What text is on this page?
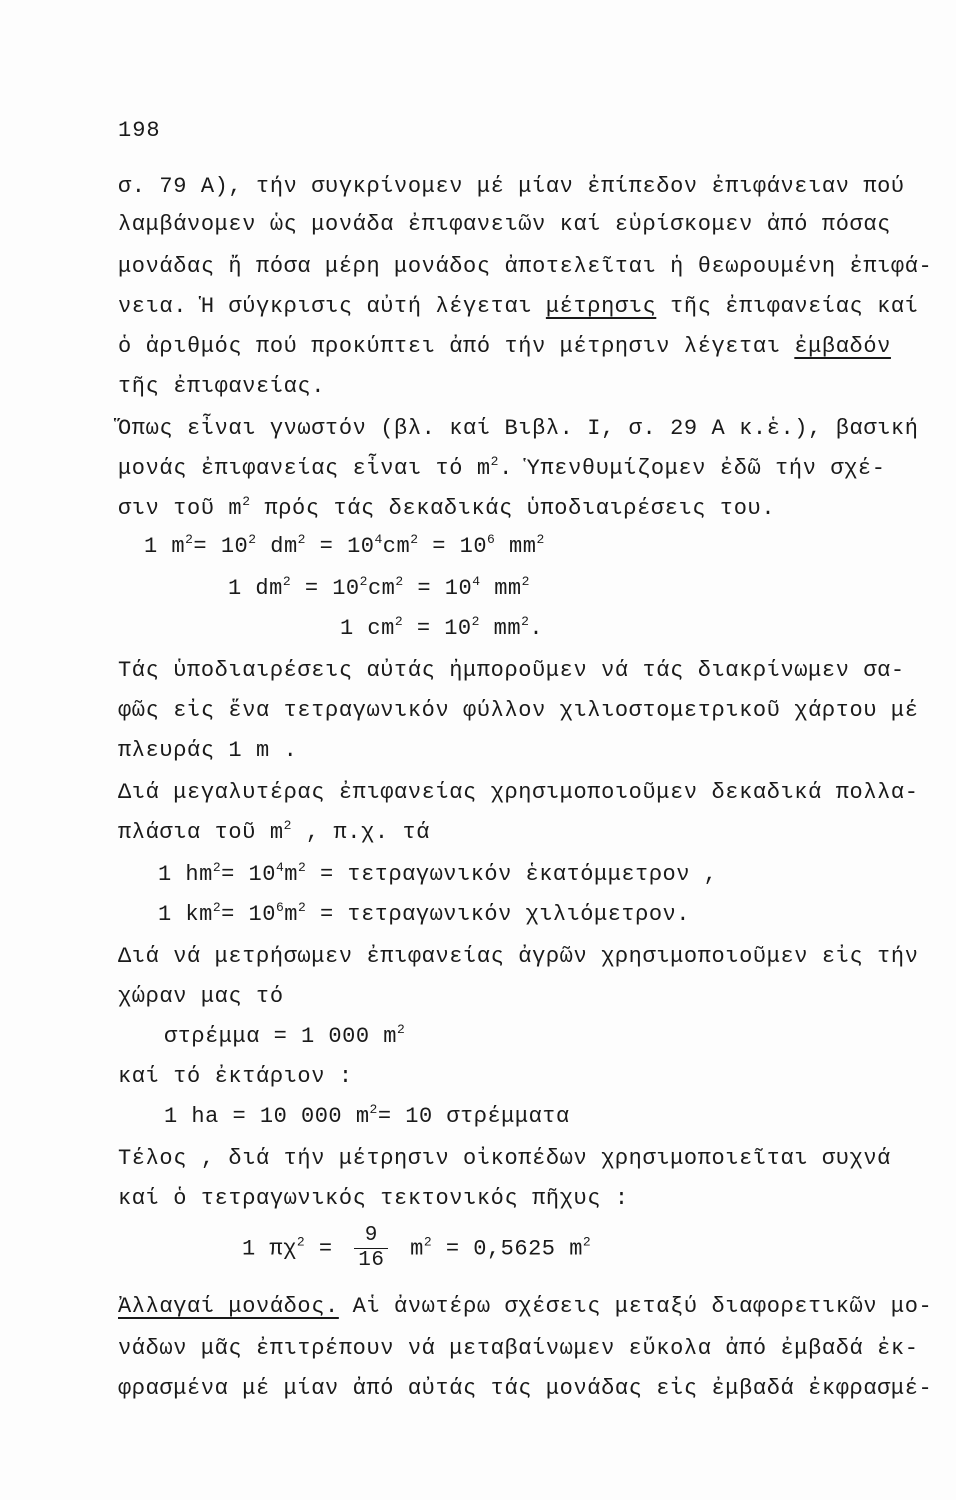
198
σ. 79 Α), τήν συγκρίνομεν μέ μίαν ἐπίπεδον ἐπιφάνειαν πού
λαμβάνομεν ὡς μονάδα ἐπιφανειῶν καί εὑρίσκομεν ἀπό πόσας
μονάδας ἤ πόσα μέρη μονάδος ἀποτελεῖται ἡ θεωρουμένη ἐπιφά-
νεια. Ἡ σύγκρισις αὐτή λέγεται μέτρησις τῆς ἐπιφανείας καί
ὁ ἀριθμός πού προκύπτει ἀπό τήν μέτρησιν λέγεται ἐμβαδόν
τῆς ἐπιφανείας.
Ὅπως εἶναι γνωστόν (βλ. καί Βιβλ. Ι, σ. 29 Α κ.ἑ.), βασική
μονάς ἐπιφανείας εἶναι τό $m^2$. Ὑπενθυμίζομεν ἐδῶ τήν σχέ-
σιν τοῦ $m^2$ πρός τάς δεκαδικάς ὑποδιαιρέσεις του.
1 $m^2= 10^2$ $dm^2 = 10^4cm^2 = 10^6$ $mm^2$
1 $dm^2 = 10^2cm^2 = 10^4$ $mm^2$
1 $cm^2 = 10^2$ $mm^2$.
Τάς ὑποδιαιρέσεις αὐτάς ἠμποροῦμεν νά τάς διακρίνωμεν σα-
φῶς εἰς ἕνα τετραγωνικόν φύλλον χιλιοστομετρικοῦ χάρτου μέ
πλευράς 1 m .
Διά μεγαλυτέρας ἐπιφανείας χρησιμοποιοῦμεν δεκαδικά πολλα-
πλάσια τοῦ $m^2$ , π.χ. τά
1 $hm^2= 10^4m^2 = \tau\varepsilon\tau\rho\alpha\gamma\omega\nu\iota\kappa ό\nu$ ἑκατόμμετρον ,
1 $km^2= 10^6m^2 = \tau\varepsilon\tau\rho\alpha\gamma\omega\nu\iota\kappa ό\nu$ χιλιόμετρον.
Διά νά μετρήσωμεν ἐπιφανείας ἀγρῶν χρησιμοποιοῦμεν εἰς τήν
χώραν μας τό
στρέμμα = 1 000 $m^2$
καί τό ἐκτάριον :
1 ha = 10 000 $m^2= 10$ στρέμματα
Τέλος , διά τήν μέτρησιν οἰκοπέδων χρησιμοποιεῖται συχνά
καί ὁ τετραγωνικός τεκτονικός πῆχυς :
1 $\pi\chi^2 = \frac{9}{16} m^2 = 0,5625$ $m^2$
Ἀλλαγαί μονάδος. Αἱ ἀνωτέρω σχέσεις μεταξύ διαφορετικῶν μο-
νάδων μᾶς ἐπιτρέπουν νά μεταβαίνωμεν εὔκολα ἀπό ἐμβαδά ἐκ-
φρασμένα μέ μίαν ἀπό αὐτάς τάς μονάδας εἰς ἐμβαδά ἐκφρασμέ-
